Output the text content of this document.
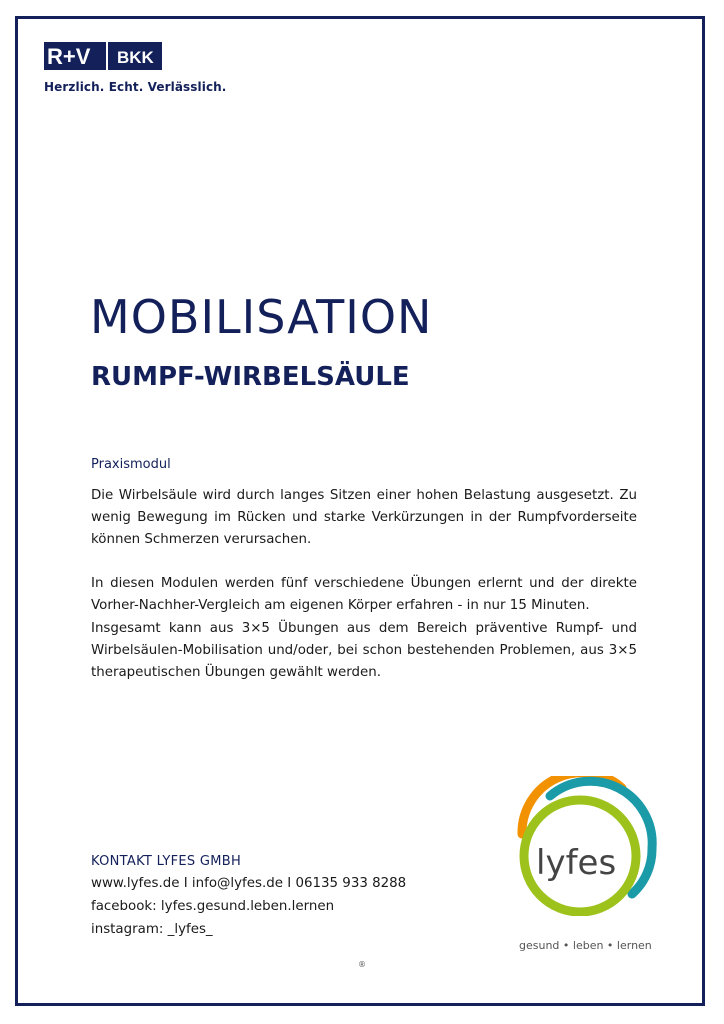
R+V BKK
Herzlich. Echt. Verlässlich.
MOBILISATION
RUMPF-WIRBELSÄULE
Praxismodul

Die Wirbelsäule wird durch langes Sitzen einer hohen Belastung ausgesetzt. Zu wenig Bewegung im Rücken und starke Verkürzungen in der Rumpfvorderseite können Schmerzen verursachen.

In diesen Modulen werden fünf verschiedene Übungen erlernt und der direkte Vorher-Nachher-Vergleich am eigenen Körper erfahren - in nur 15 Minuten.

Insgesamt kann aus 3×5 Übungen aus dem Bereich präventive Rumpf- und Wirbelsäulen-Mobilisation und/oder, bei schon bestehenden Problemen, aus 3×5 therapeutischen Übungen gewählt werden.

KONTAKT LYFES GMBH
www.lyfes.de I info@lyfes.de I 06135 933 8288
facebook: lyfes.gesund.leben.lernen
instagram: _lyfes_
lyfes
gesund • leben • lernen
®
